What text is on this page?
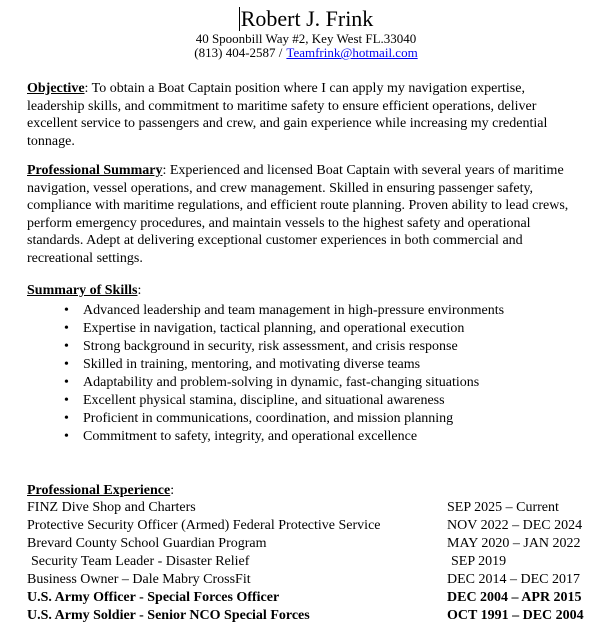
Robert J. Frink
40 Spoonbill Way #2, Key West FL.33040
(813) 404-2587 / Teamfrink@hotmail.com

Objective: To obtain a Boat Captain position where I can apply my navigation expertise, leadership skills, and commitment to maritime safety to ensure efficient operations, deliver excellent service to passengers and crew, and gain experience while increasing my credential tonnage.

Professional Summary: Experienced and licensed Boat Captain with several years of maritime navigation, vessel operations, and crew management. Skilled in ensuring passenger safety, compliance with maritime regulations, and efficient route planning. Proven ability to lead crews, perform emergency procedures, and maintain vessels to the highest safety and operational standards. Adept at delivering exceptional customer experiences in both commercial and recreational settings.

Summary of Skills:
• Advanced leadership and team management in high-pressure environments
• Expertise in navigation, tactical planning, and operational execution
• Strong background in security, risk assessment, and crisis response
• Skilled in training, mentoring, and motivating diverse teams
• Adaptability and problem-solving in dynamic, fast-changing situations
• Excellent physical stamina, discipline, and situational awareness
• Proficient in communications, coordination, and mission planning
• Commitment to safety, integrity, and operational excellence
Professional Experience:
FINZ Dive Shop and Charters	SEP 2025 – Current
Protective Security Officer (Armed) Federal Protective Service	NOV 2022 – DEC 2024
Brevard County School Guardian Program	MAY 2020 – JAN 2022
Security Team Leader - Disaster Relief	SEP 2019
Business Owner – Dale Mabry CrossFit	DEC 2014 – DEC 2017
U.S. Army Officer - Special Forces Officer	DEC 2004 – APR 2015
U.S. Army Soldier - Senior NCO Special Forces	OCT 1991 – DEC 2004
